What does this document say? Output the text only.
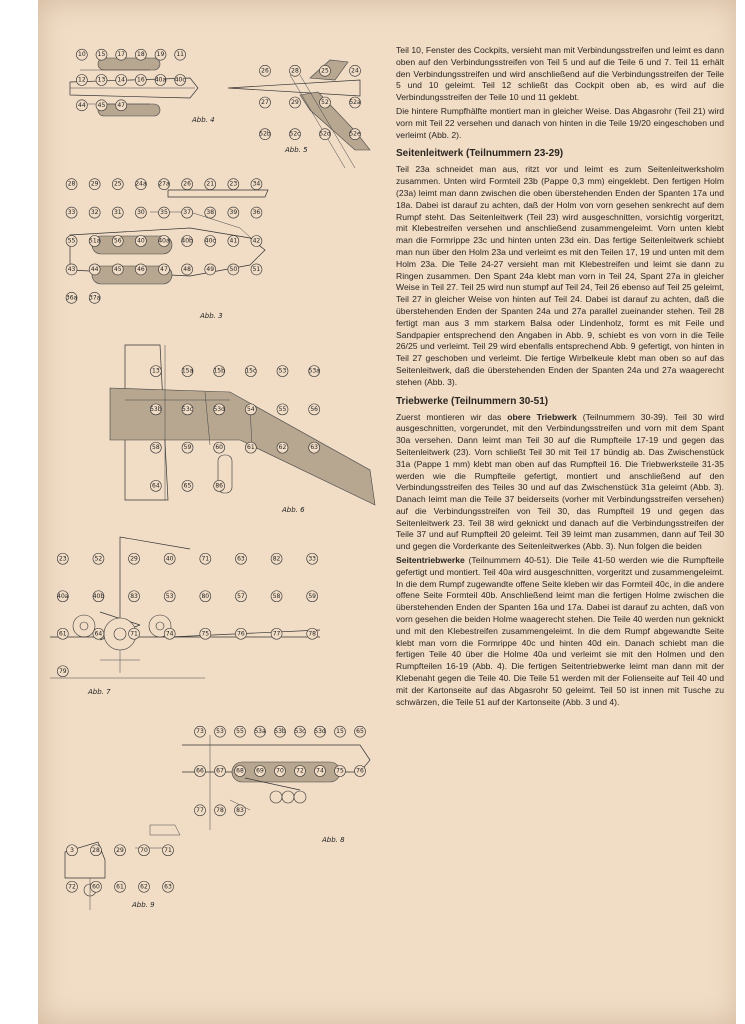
10 15 17 18 19 11
12 13 14 16 40a 40c
44 45 47
Abb. 4
26	28	25	24
27	29	52	52a
52b	52c	52d	52e
Abb. 5
28	29	25 24a 27a 26	21	23	34
33	32	31	30	35	37	38	39	36
55 51a 56	40 40a 40b 40c 41	42
43	44	45	46	47	48	49	50	51
36a 37a
Abb. 3
13	15a	15b	15c	53	53a
53b	53c	53d	54	55	56
58	59	60	61	62	63
64	65	86
Abb. 6
23	52	29	40	71	63	82	33
40a	40b	83	53	80	57	58	59
61	64	71	74	75	76	77	78
79
Abb. 7
73 53 55 53a 53b 53c 53d 15 65
66 67 68 69 70 72 74 75 76
77 78 83
Abb. 8
3	28	29	70	71
72	60	61	62	63
Abb. 9

Teil 10, Fenster des Cockpits, versieht man mit Verbindungsstreifen und leimt es dann oben auf den Verbindungsstreifen von Teil 5 und auf die Teile 6 und 7. Teil 11 erhält den Verbindungsstreifen und wird anschließend auf die Verbindungsstreifen der Teile 5 und 10 geleimt. Teil 12 schließt das Cockpit oben ab, es wird auf die Verbindungsstreifen der Teile 10 und 11 geklebt.

Die hintere Rumpfhälfte montiert man in gleicher Weise. Das Abgasrohr (Teil 21) wird vorn mit Teil 22 versehen und danach von hinten in die Teile 19/20 eingeschoben und verleimt (Abb. 2).

Seitenleitwerk (Teilnummern 23-29)

Teil 23a schneidet man aus, ritzt vor und leimt es zum Seitenleitwerksholm zusammen. Unten wird Formteil 23b (Pappe 0,3 mm) eingeklebt. Den fertigen Holm (23a) leimt man dann zwischen die oben überstehenden Enden der Spanten 17a und 18a. Dabei ist darauf zu achten, daß der Holm von vorn gesehen senkrecht auf dem Rumpf steht. Das Seitenleitwerk (Teil 23) wird ausgeschnitten, vorsichtig vorgeritzt, mit Klebestreifen versehen und anschließend zusammengeleimt. Vorn unten klebt man die Formrippe 23c und hinten unten 23d ein. Das fertige Seitenleitwerk schiebt man nun über den Holm 23a und verleimt es mit den Teilen 17, 19 und unten mit dem Holm 23a. Die Teile 24-27 versieht man mit Klebestreifen und leimt sie dann zu Ringen zusammen. Den Spant 24a klebt man vorn in Teil 24, Spant 27a in gleicher Weise in Teil 27. Teil 25 wird nun stumpf auf Teil 24, Teil 26 ebenso auf Teil 25 geleimt, Teil 27 in gleicher Weise von hinten auf Teil 24. Dabei ist darauf zu achten, daß die überstehenden Enden der Spanten 24a und 27a parallel zueinander stehen. Teil 28 fertigt man aus 3 mm starkem Balsa oder Lindenholz, formt es mit Feile und Sandpapier entsprechend den Angaben in Abb. 9, schiebt es von vorn in die Teile 26/25 und verleimt. Teil 29 wird ebenfalls entsprechend Abb. 9 gefertigt, von hinten in Teil 27 geschoben und verleimt. Die fertige Wirbelkeule klebt man oben so auf das Seitenleitwerk, daß die überstehenden Enden der Spanten 24a und 27a waagerecht stehen (Abb. 3).

Triebwerke (Teilnummern 30-51)

Zuerst montieren wir das obere Triebwerk (Teilnummern 30-39). Teil 30 wird ausgeschnitten, vorgerundet, mit den Verbindungsstreifen und vorn mit dem Spant 30a versehen. Dann leimt man Teil 30 auf die Rumpfteile 17-19 und gegen das Seitenleitwerk (23). Vorn schließt Teil 30 mit Teil 17 bündig ab. Das Zwischenstück 31a (Pappe 1 mm) klebt man oben auf das Rumpfteil 16. Die Triebwerksteile 31-35 werden wie die Rumpfteile gefertigt, montiert und anschließend auf den Verbindungsstreifen des Teiles 30 und auf das Zwischenstück 31a geleimt (Abb. 3). Danach leimt man die Teile 37 beiderseits (vorher mit Verbindungsstreifen versehen) auf die Verbindungsstreifen von Teil 30, das Rumpfteil 19 und gegen das Seitenleitwerk 23. Teil 38 wird geknickt und danach auf die Verbindungsstreifen der Teile 37 und auf Rumpfteil 20 geleimt. Teil 39 leimt man zusammen, dann auf Teil 30 und gegen die Vorderkante des Seitenleitwerkes (Abb. 3). Nun folgen die beiden

Seitentriebwerke (Teilnummern 40-51). Die Teile 41-50 werden wie die Rumpfteile gefertigt und montiert. Teil 40a wird ausgeschnitten, vorgeritzt und zusammengeleimt. In die dem Rumpf zugewandte offene Seite kleben wir das Formteil 40c, in die andere offene Seite Formteil 40b. Anschließend leimt man die fertigen Holme zwischen die überstehenden Enden der Spanten 16a und 17a. Dabei ist darauf zu achten, daß von vorn gesehen die beiden Holme waagerecht stehen. Die Teile 40 werden nun geknickt und mit den Klebestreifen zusammengeleimt. In die dem Rumpf abgewandte Seite klebt man vorn die Formrippe 40c und hinten 40d ein. Danach schiebt man die fertigen Teile 40 über die Holme 40a und verleimt sie mit den Holmen und den Rumpfteilen 16-19 (Abb. 4). Die fertigen Seitentriebwerke leimt man dann mit der Klebenaht gegen die Teile 40. Die Teile 51 werden mit der Folienseite auf Teil 40 und mit der Kartonseite auf das Abgasrohr 50 geleimt. Teil 50 ist innen mit Tusche zu schwärzen, die Teile 51 auf der Kartonseite (Abb. 3 und 4).
